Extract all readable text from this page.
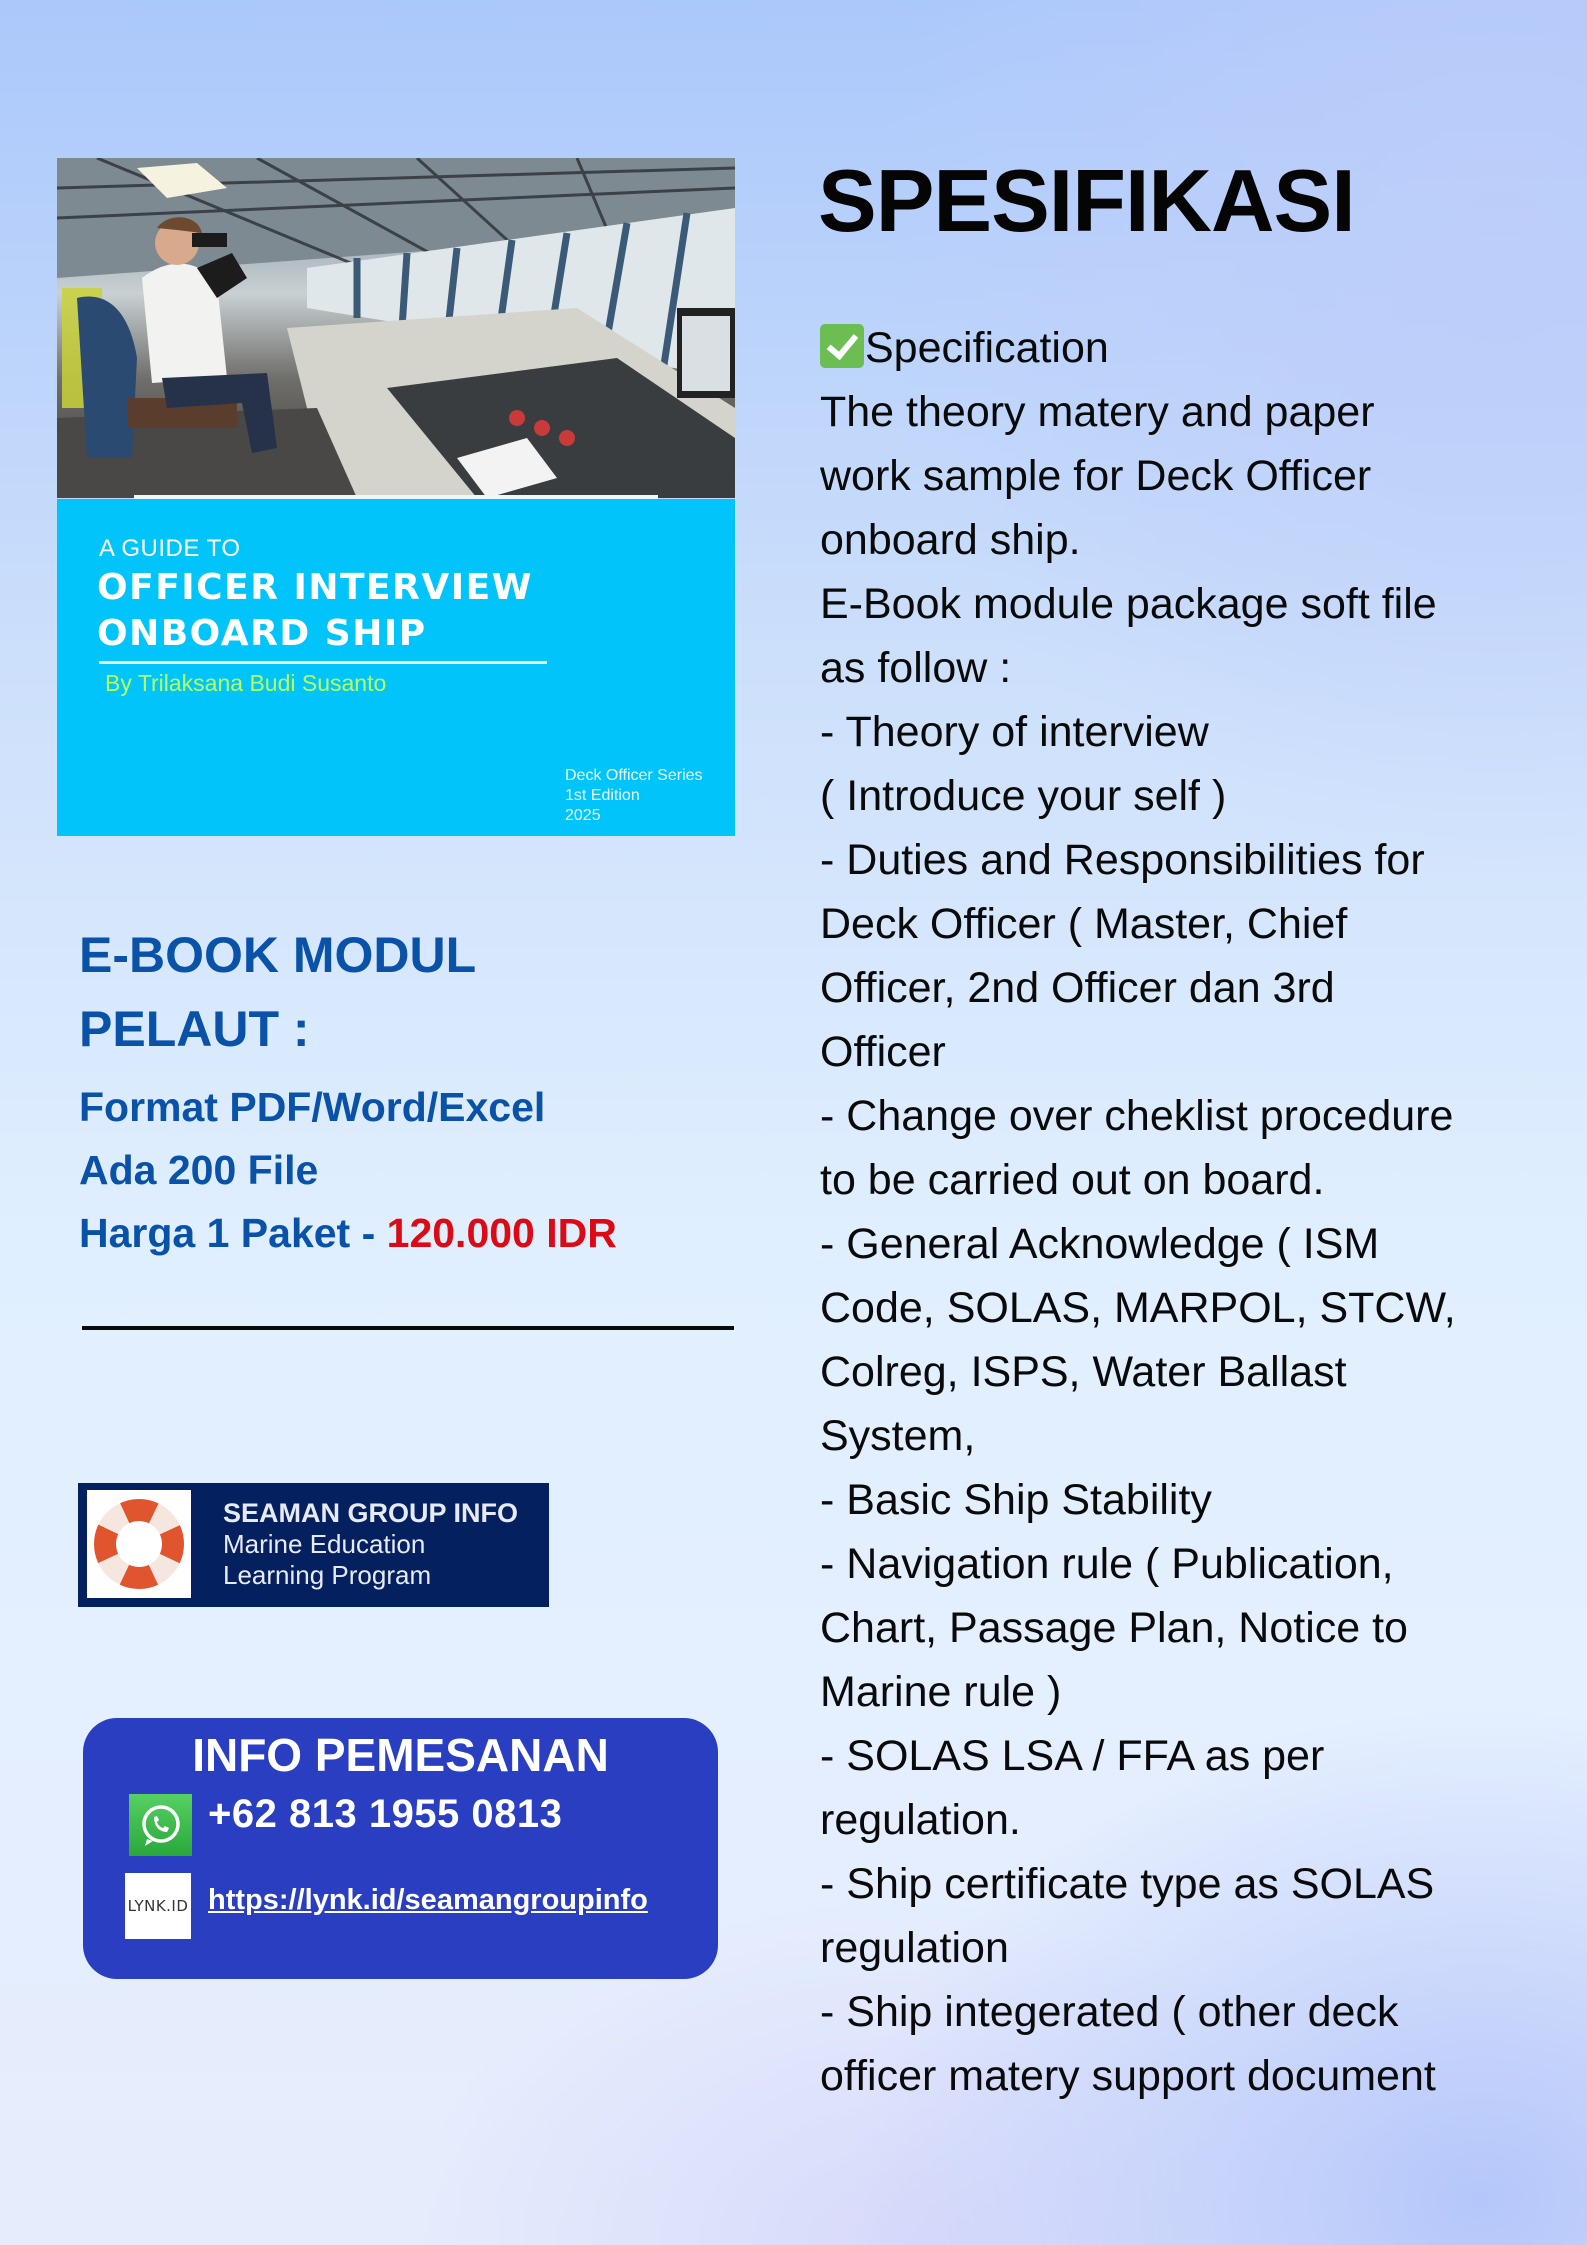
A GUIDE TO
OFFICER INTERVIEW
ONBOARD SHIP
By Trilaksana Budi Susanto
Deck Officer Series
1st Edition
2025
E-BOOK MODUL
PELAUT :
Format PDF/Word/Excel
Ada 200 File
Harga 1 Paket - 120.000 IDR
SEAMAN GROUP INFO
Marine Education
Learning Program
INFO PEMESANAN
+62 813 1955 0813
LYNK.ID https://lynk.id/seamangroupinfo
SPESIFIKASI
Specification
The theory matery and paper
work sample for Deck Officer
onboard ship.
E-Book module package soft file
as follow :
- Theory of interview
( Introduce your self )
- Duties and Responsibilities for
Deck Officer ( Master, Chief
Officer, 2nd Officer dan 3rd
Officer
- Change over cheklist procedure
to be carried out on board.
- General Acknowledge ( ISM
Code, SOLAS, MARPOL, STCW,
Colreg, ISPS, Water Ballast
System,
- Basic Ship Stability
- Navigation rule ( Publication,
Chart, Passage Plan, Notice to
Marine rule )
- SOLAS LSA / FFA as per
regulation.
- Ship certificate type as SOLAS
regulation
- Ship integerated ( other deck
officer matery support document
